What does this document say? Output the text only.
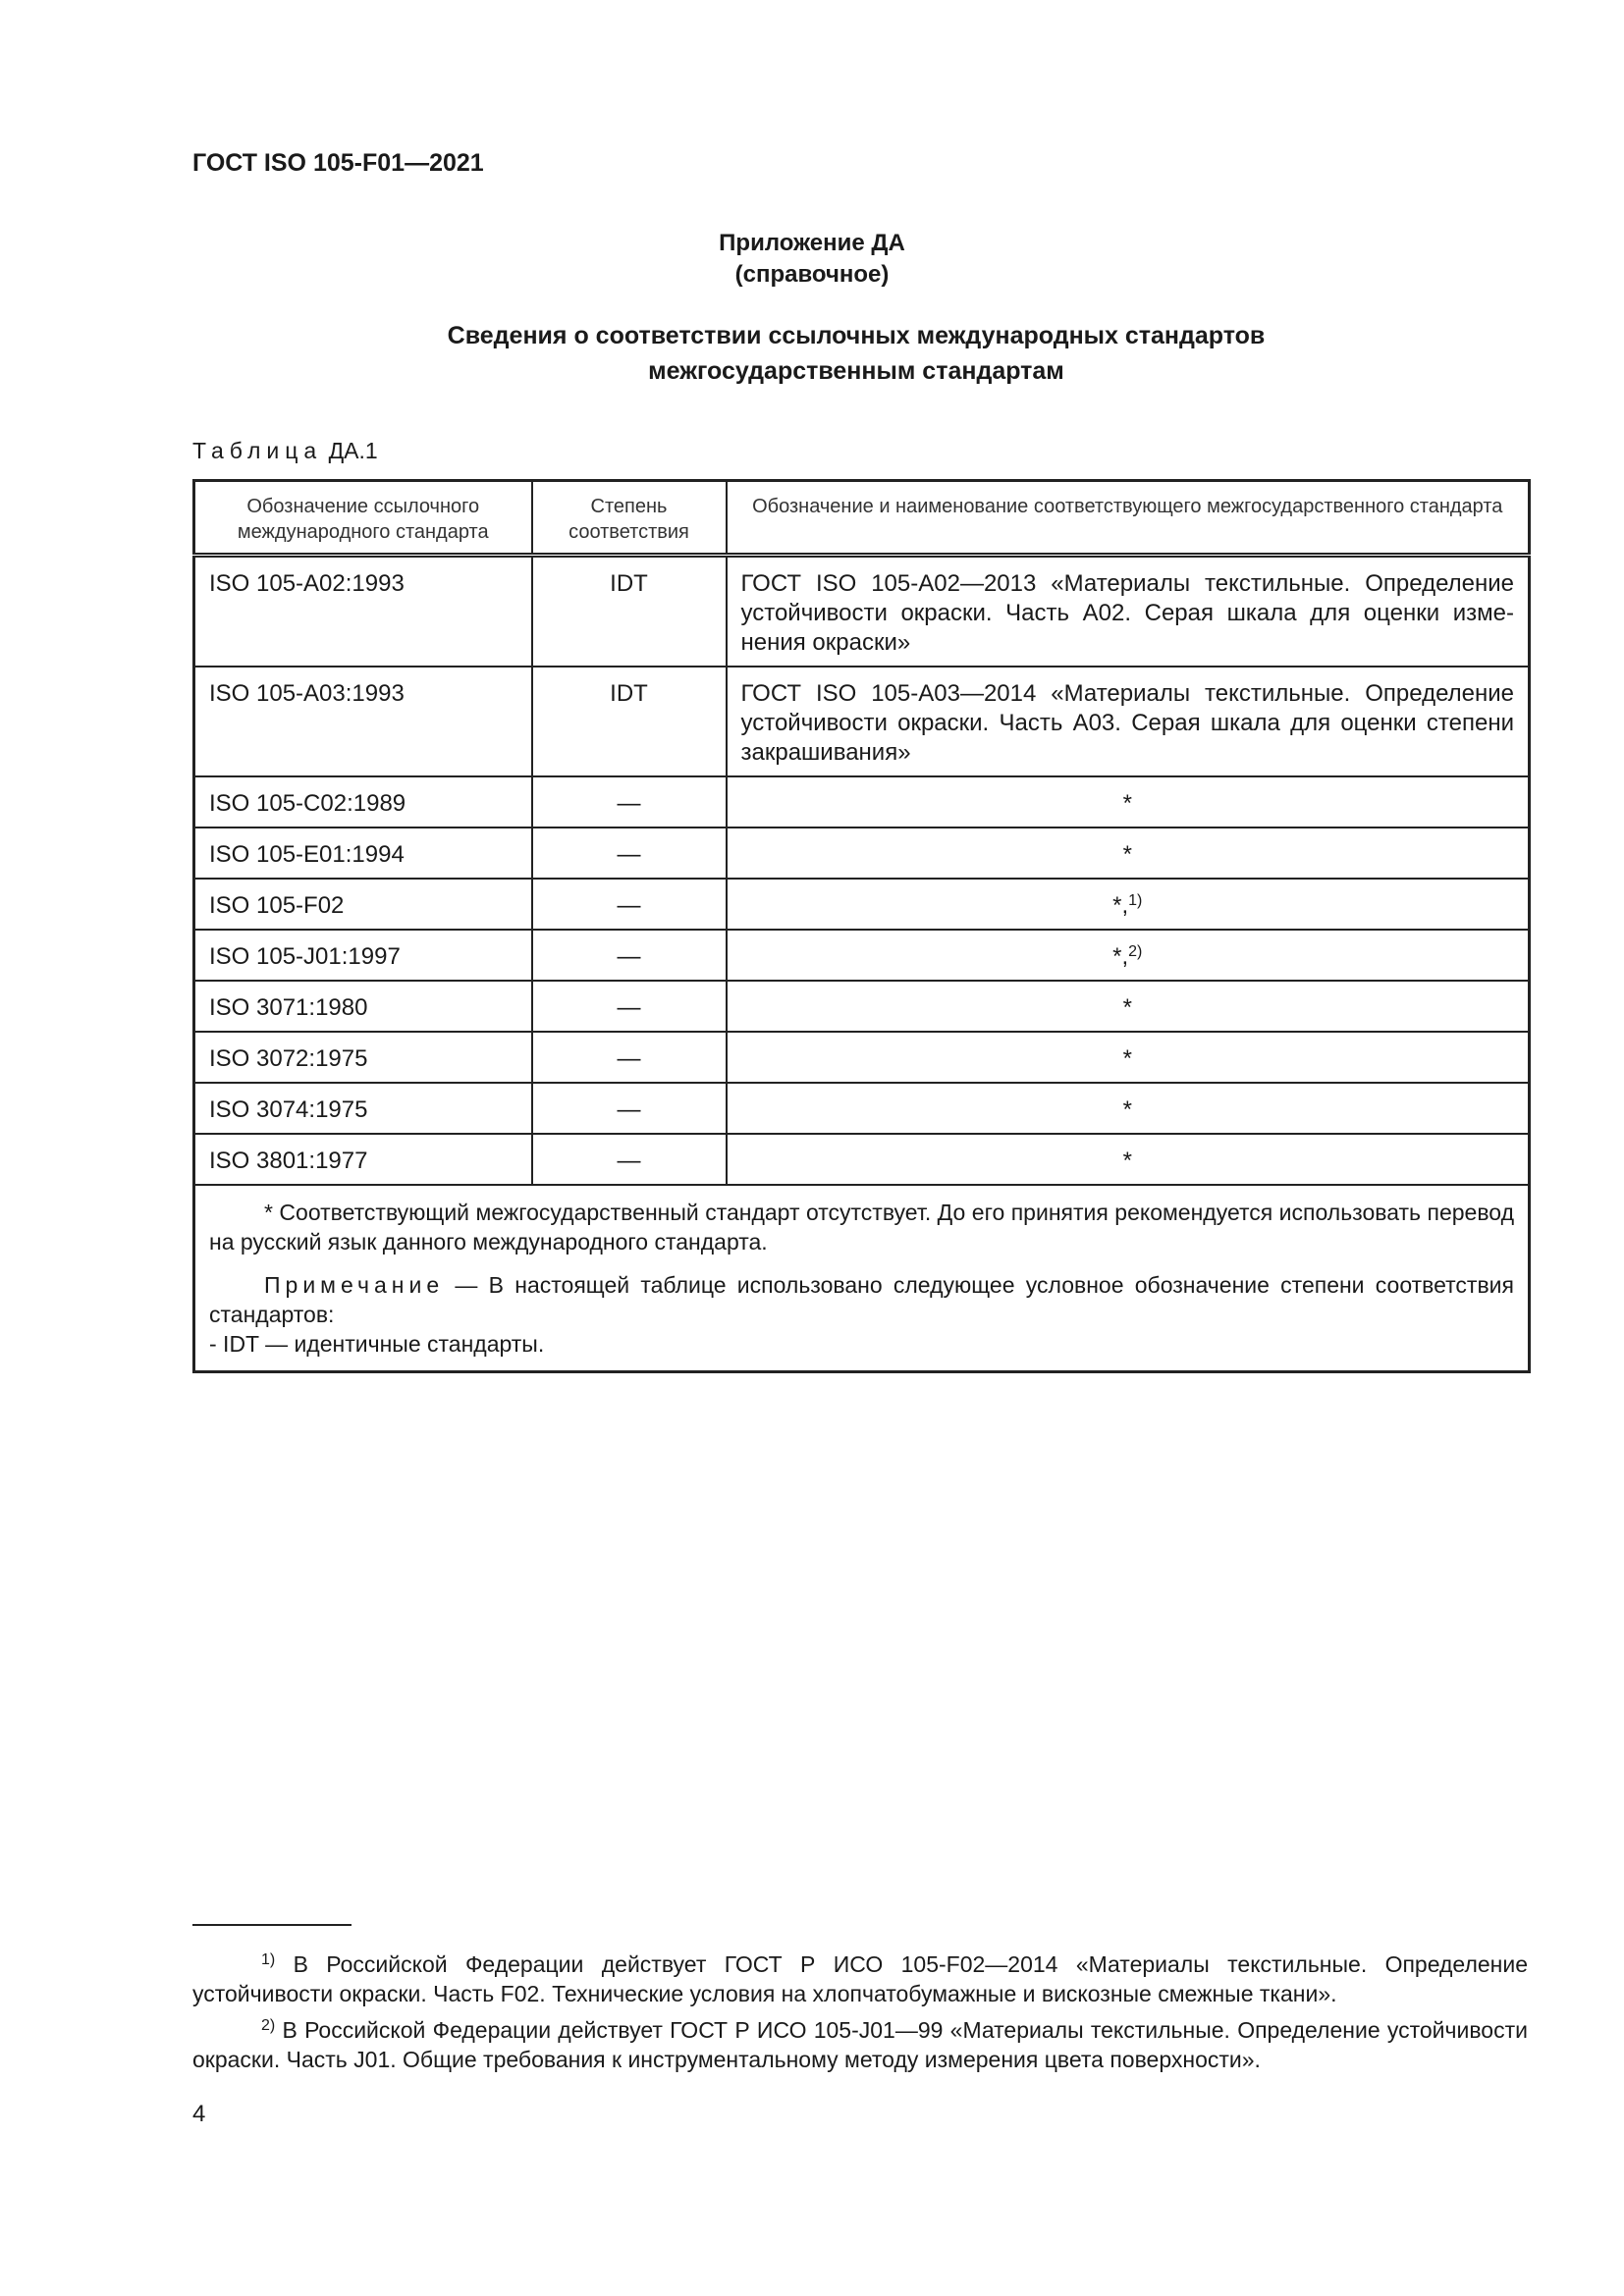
ГОСТ ISO 105-F01—2021
Приложение ДА
(справочное)
Сведения о соответствии ссылочных международных стандартов
межгосударственным стандартам
Таблица ДА.1
Обозначение ссылочного международного стандарта	Степень соответствия	Обозначение и наименование соответствующего межгосударственного стандарта
ISO 105-A02:1993	IDT	ГОСТ ISO 105-А02—2013 «Материалы текстильные. Определение устойчивости окраски. Часть А02. Серая шкала для оценки изменения окраски»
ISO 105-A03:1993	IDT	ГОСТ ISO 105-А03—2014 «Материалы текстильные. Определение устойчивости окраски. Часть А03. Серая шкала для оценки степени закрашивания»
ISO 105-C02:1989	—	*
ISO 105-E01:1994	—	*
ISO 105-F02	—	*,$^{1)}$
ISO 105-J01:1997	—	*,$^{2)}$
ISO 3071:1980	—	*
ISO 3072:1975	—	*
ISO 3074:1975	—	*
ISO 3801:1977	—	*

* Соответствующий межгосударственный стандарт отсутствует. До его принятия рекомендуется использовать перевод на русский язык данного международного стандарта.

Примечание — В настоящей таблице использовано следующее условное обозначение степени соответствия стандартов:

- IDT — идентичные стандарты.		

$^{1)}$ В Российской Федерации действует ГОСТ Р ИСО 105-F02—2014 «Материалы текстильные. Определение устойчивости окраски. Часть F02. Технические условия на хлопчатобумажные и вискозные смежные ткани».
$^{2)}$ В Российской Федерации действует ГОСТ Р ИСО 105-J01—99 «Материалы текстильные. Определение устойчивости окраски. Часть J01. Общие требования к инструментальному методу измерения цвета поверхности».
4
